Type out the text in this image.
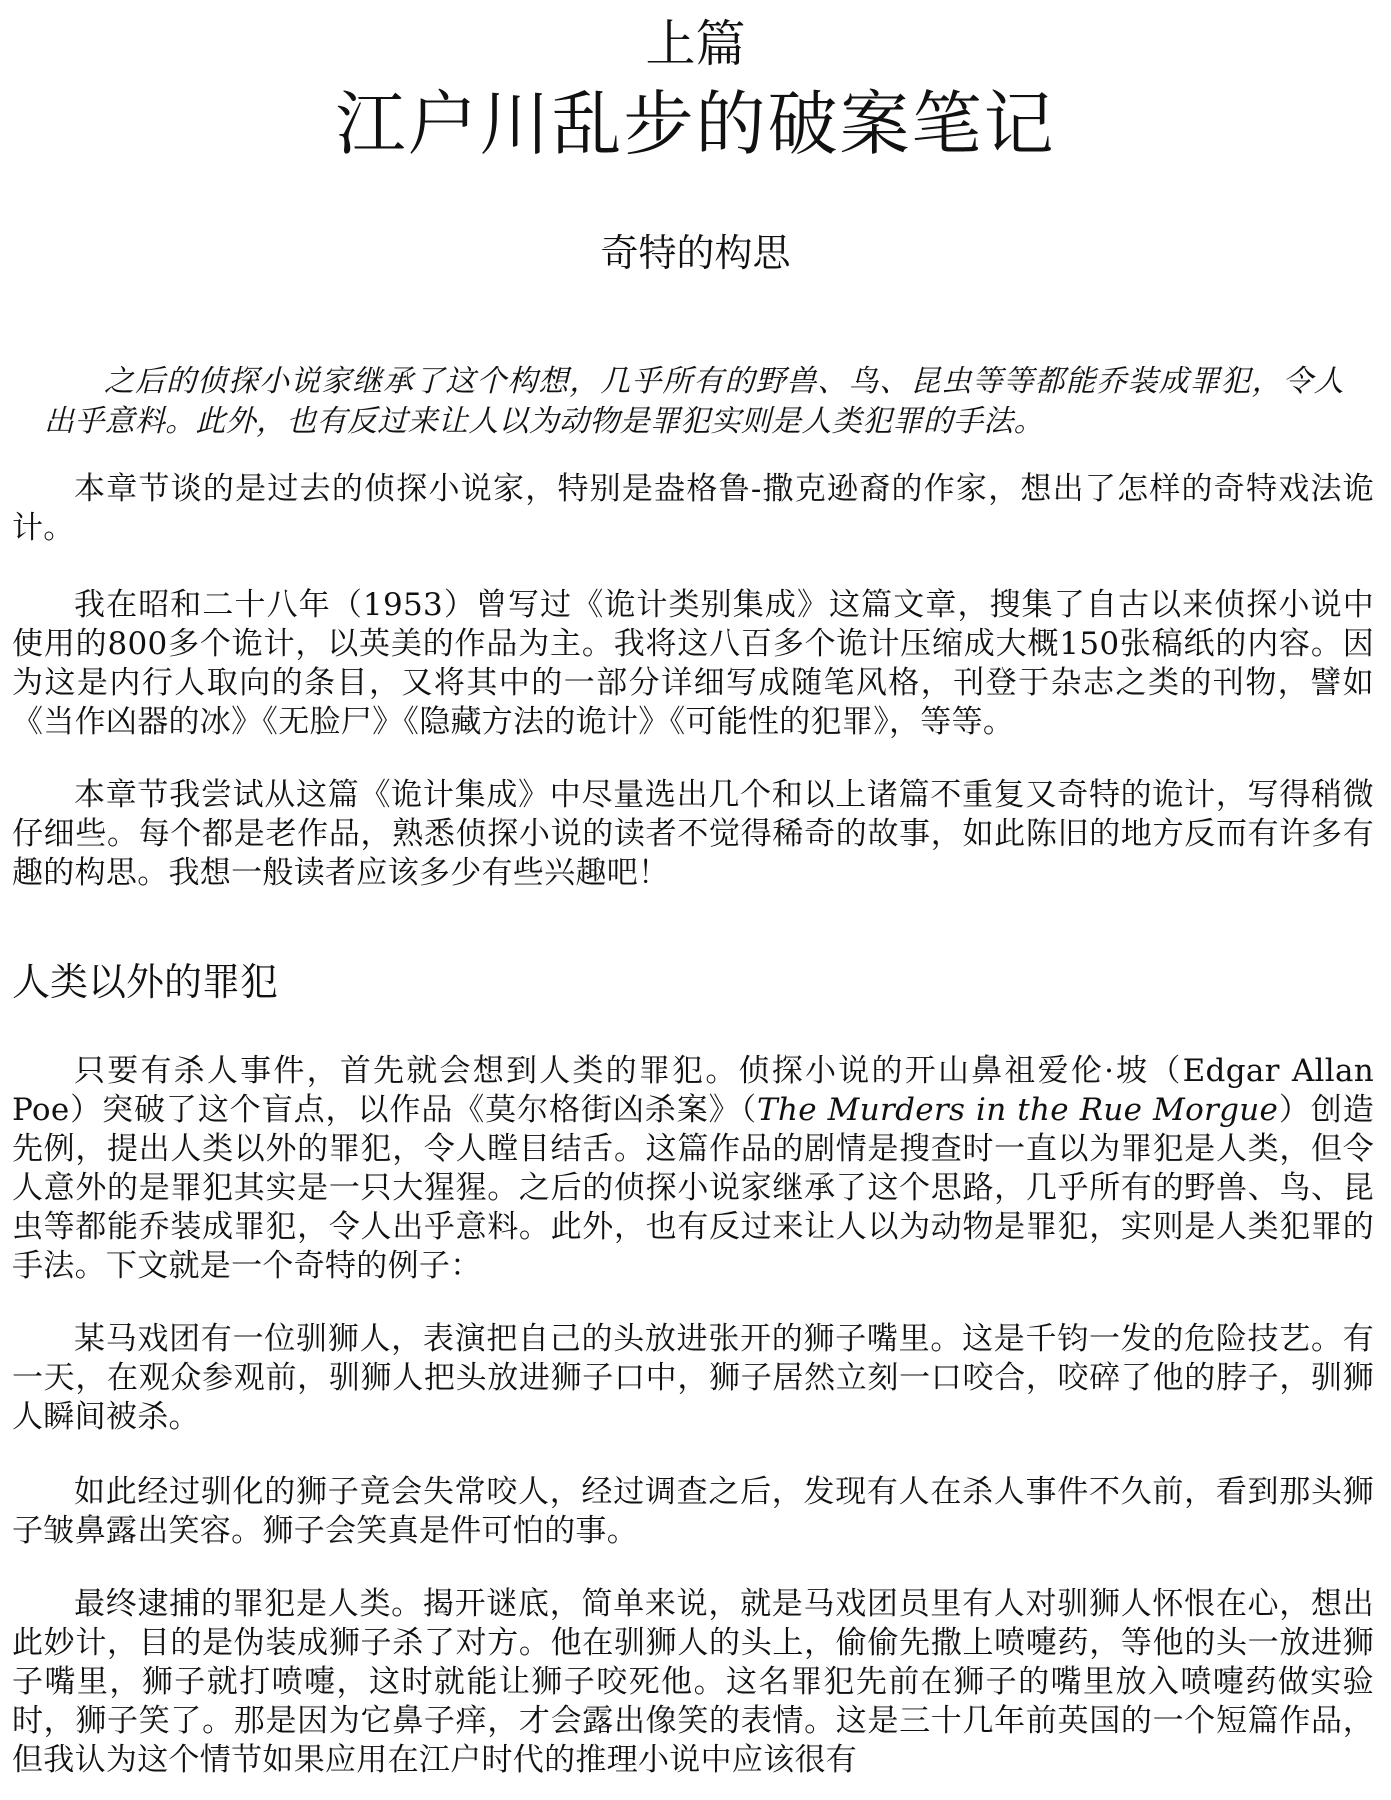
上篇
江户川乱步的破案笔记
奇特的构思

之后的侦探小说家继承了这个构想，几乎所有的野兽、鸟、昆虫等等都能乔装成罪犯，令人出乎意料。此外，也有反过来让人以为动物是罪犯实则是人类犯罪的手法。

本章节谈的是过去的侦探小说家，特别是盎格鲁-撒克逊裔的作家，想出了怎样的奇特戏法诡计。

我在昭和二十八年（1953）曾写过《诡计类别集成》这篇文章，搜集了自古以来侦探小说中使用的800多个诡计，以英美的作品为主。我将这八百多个诡计压缩成大概150张稿纸的内容。因为这是内行人取向的条目，又将其中的一部分详细写成随笔风格，刊登于杂志之类的刊物，譬如《当作凶器的冰》《无脸尸》《隐藏方法的诡计》《可能性的犯罪》，等等。

本章节我尝试从这篇《诡计集成》中尽量选出几个和以上诸篇不重复又奇特的诡计，写得稍微仔细些。每个都是老作品，熟悉侦探小说的读者不觉得稀奇的故事，如此陈旧的地方反而有许多有趣的构思。我想一般读者应该多少有些兴趣吧！

人类以外的罪犯

只要有杀人事件，首先就会想到人类的罪犯。侦探小说的开山鼻祖爱伦·坡（Edgar Allan Poe）突破了这个盲点，以作品《莫尔格街凶杀案》（The Murders in the Rue Morgue）创造先例，提出人类以外的罪犯，令人瞠目结舌。这篇作品的剧情是搜查时一直以为罪犯是人类，但令人意外的是罪犯其实是一只大猩猩。之后的侦探小说家继承了这个思路，几乎所有的野兽、鸟、昆虫等都能乔装成罪犯，令人出乎意料。此外，也有反过来让人以为动物是罪犯，实则是人类犯罪的手法。下文就是一个奇特的例子：

某马戏团有一位驯狮人，表演把自己的头放进张开的狮子嘴里。这是千钧一发的危险技艺。有一天，在观众参观前，驯狮人把头放进狮子口中，狮子居然立刻一口咬合，咬碎了他的脖子，驯狮人瞬间被杀。

如此经过驯化的狮子竟会失常咬人，经过调查之后，发现有人在杀人事件不久前，看到那头狮子皱鼻露出笑容。狮子会笑真是件可怕的事。

最终逮捕的罪犯是人类。揭开谜底，简单来说，就是马戏团员里有人对驯狮人怀恨在心，想出此妙计，目的是伪装成狮子杀了对方。他在驯狮人的头上，偷偷先撒上喷嚏药，等他的头一放进狮子嘴里，狮子就打喷嚏，这时就能让狮子咬死他。这名罪犯先前在狮子的嘴里放入喷嚏药做实验时，狮子笑了。那是因为它鼻子痒，才会露出像笑的表情。这是三十几年前英国的一个短篇作品，但我认为这个情节如果应用在江户时代的推理小说中应该很有
